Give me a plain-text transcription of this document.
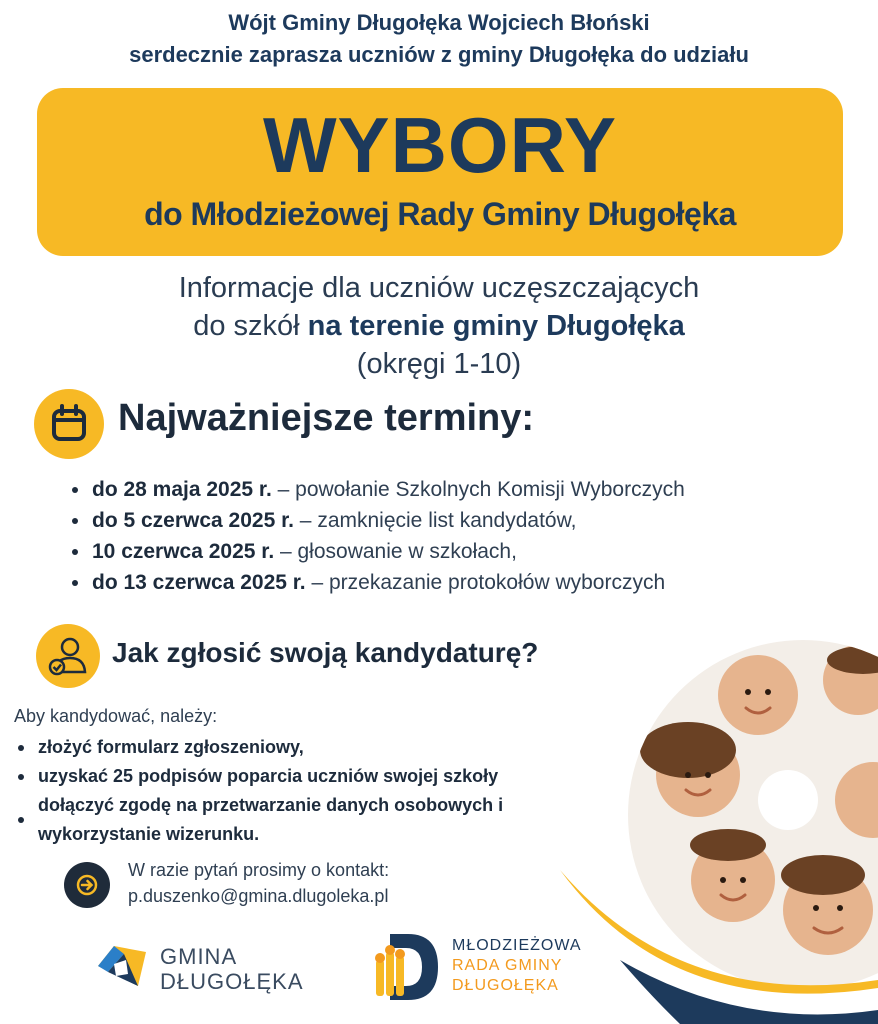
Wójt Gminy Długołęka Wojciech Błoński
serdecznie zaprasza uczniów z gminy Długołęka do udziału
WYBORY
do Młodzieżowej Rady Gminy Długołęka
Informacje dla uczniów uczęszczających
do szkół na terenie gminy Długołęka
(okręgi 1-10)
Najważniejsze terminy:
do 28 maja 2025 r. – powołanie Szkolnych Komisji Wyborczych
do 5 czerwca 2025 r. – zamknięcie list kandydatów,
10 czerwca 2025 r. – głosowanie w szkołach,
do 13 czerwca 2025 r. – przekazanie protokołów wyborczych
Jak zgłosić swoją kandydaturę?
Aby kandydować, należy:
złożyć formularz zgłoszeniowy,
uzyskać 25 podpisów poparcia uczniów swojej szkoły
dołączyć zgodę na przetwarzanie danych osobowych i wykorzystanie wizerunku.
W razie pytań prosimy o kontakt:
p.duszenko@gmina.dlugoleka.pl
GMINA
DŁUGOŁĘKA
MŁODZIEŻOWA
RADA GMINY
DŁUGOŁĘKA
